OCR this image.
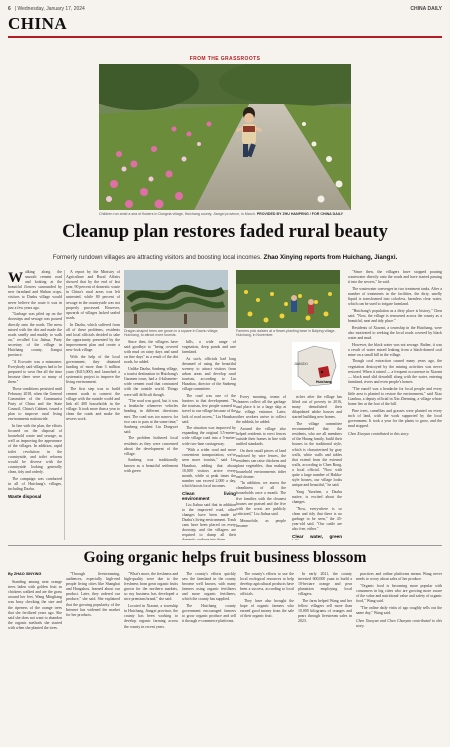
6 | Wednesday, January 17, 2024	CHINA DAILY
CHINA
FROM THE GRASSROOTS
Children run amid a sea of flowers in Dongxia village, Huichang county, Jiangxi province, in March. PROVIDED BY ZHU HANPENG / FOR CHINA DAILY
Cleanup plan restores faded rural beauty
Formerly rundown villages are attracting visitors and boosting local incomes. Zhao Xinying reports from Huichang, Jiangxi.
W alking along the smooth cement road and looking at the beautiful flowers surrounded by new farmland and Shiban crops, visitors to Dazhu village would never believe the route it was in just a few years ago.

"Garbage was piled up on the doorsteps and sewage was poured directly onto the roads. The mess mixed with the dirt and made the roads smelly and muddy to walk on," recalled Liu Jiahua, Party secretary of the village in Huichang county, Jiangxi province.

"A Ecovativ was a misnomer. Everybody said villagers had to be prepared to wear flea all the time because there were so many of them."

Those conditions persisted until February 2018, when the General Committee of the Communist Party of China and the State Council, China's Cabinet, issued a plan to improve rural living environments nationwide.

In line with the plan, the efforts focused on the disposal of household waste and sewage, as well as improving the appearance of the villages. In addition, rapid toilet revolution in the countryside, and toilet reforms would be diverse with the countryside looking generally clean, tidy and orderly.

The campaign was conducted in all of Huichang's villages, including Dazhu.

Waste disposal

A report by the Ministry of Agriculture and Rural Affairs showed that by the end of last year, 90 percent of domestic waste in China's rural areas was left untreated, while 80 percent of sewage in the countryside was not properly processed. However, upwards of villages lacked sealed roads.

In Dazhu, which suffered from all of these problems, residents and local officials decided to take the opportunity presented by the improvement plan and create a new-look village.

With the help of the local government, they obtained funding of more than 3 million yuan ($415,000) and launched a systematic project to improve the living environment.

The first step was to build cement roads to connect the village with the outside world and link all 400 households in the village. It took more than a year to clean the roads and make the sewers work.

Dragon-shaped trees are grown in a square in Dazhu village, Huichang, to attract more tourists.

Since then, the villagers have said goodbye to "being covered with mud on rainy days and sand on fine days" as a result of the dirt roads, he added.

Unlike Dazhu, Sanbeng village, a tourist destination in Huichang's Gaomen town, had a 4-kilometer-wide cement road that contrasted with the outside world. Things were still difficult though.

"The road was good, but it was a headache whenever vehicles heading in different directions met. The road was too narrow for two cars to pass at the same time," Sanbeng resident Liu Dongwei said.

The problem bothered local residents as they were concerned about the development of the village.

Sanbeng was traditionally known as a beautiful settlement with green

hills, a wide range of vegetation, deep ponds and rare farmland.

As such, officials had long dreamed of using the beautiful scenery to attract visitors from urban areas and develop rural tourism, according to Liu Huazhao, director of the Sanbeng village committee.

The road was one of the barriers to that development. "In the tourism, few people wanted to travel to our village because of the lack of road access," Liu Huazhao said.

The situation was improved by expanding the original 3.5-meter-wide village road into a 5-meter-wide two-lane carriageway.

"With a wider road and more convenient transportation, we've seen more tourists," said Liu Huazhao, adding that about 10,000 visitors arrive every month, while at peak times the number can exceed 2,000 a day, which boosts local incomes.

Clean living environment

Liu Jiahua said that in addition to the improved road, other changes have been made in Dazhu's living environment. Trash cans have been placed on every doorstep, and the villagers are required to dump all their

Farmers pick daisies at a flower-planting base in Baiping village, Huichang, in November.
JIANGXI
Huichang

Every morning, teams of cleaners collect all the garbage and place it in a large skip at the village entrance. Later, other workers arrive to collect the rubbish, he added.

Around the village also helped residents to erect fences outside their homes in line with unified standards.

On their small pieces of land enclosed by wire fences, the residents can raise chickens and plant vegetables, thus making household environments tidier and cleaner.

"In addition, we assess the cleanliness of all the households once a month. The five families with the cleanest houses are praised and the five with the worst are publicly criticized," Liu Jiahua said.

Meanwhile, as people became

richer after the village has lifted out of poverty in 2016, many demolished their dilapidated adobe houses and started building new homes.

The village committee recommended that the residents, who are all members of the Huang family, build their houses in the traditional style, which is characterized by gray walls, white walls and tables that extend from the external walls, according to Chen Rong, a local official. "Now with quite a large number of Hakka-style houses, our village looks unique and beautiful," he said.

Yang Yuezhen, a Dazhu native, is excited about the changes.

"Now, everywhere is so clean and tidy that there is no garbage to be seen," the 45-year-old said. "Our cattle are also free, either."

Clear water, green

"Since then, the villagers have stopped pouring wastewater directly onto the roads and have started passing it into the sewers," he said.

The wastewater converges in two treatment tanks. After a number of treatments in the facilities, the dirty, smelly liquid is transformed into colorless, harmless clear water, which can be used to irrigate farmland.

"Huichang's population as a dirty place is history," Chen said. "Now, the village is renowned across the county as a beautiful, neat and tidy place."

Residents of Xiaomi, a township in the Huichang, were also motivated to seeking the local roads covered by black water and mud.

However, the black water was not sewage. Rather, it was a result of water mixed leaking from a black-domed coal mine on a small hill in the village.

Though coal extraction caused many years ago, the vegetation destroyed by the mining activities was never restored. When it rained — a frequent occurrence in Xiaomi — black mud slid downhill along with the water, entering farmland, rivers and even people's homes.

"The runoff was a headache for local people and every little area is planted to restore the environment," said Xiao Lianhua, a deputy official in Xin Zhenning, a village whose home lies at the foot of the hill.

Pine trees, camellias and grasses were planted on every inch of land, with the work supported by the local government. It took a year for the plants to grow, and the mud stopped.

Chen Xiaoyun contributed to this story.

Going organic helps fruit business blossom

By ZHAO XINYING

Standing among neat orange trees laden with golden fruit as chickens walked and ate the grass around her feet, Wang Mingliang was busy checking the size and the ripeness of the orange trees that she fertilized years ago. She said she does not want to abandon the organic methods she started with when she planted the trees.

"Through livestreaming, audiences, especially high-end people living cities like Shanghai and Hangzhou, learned about our product. Later, they ordered our produce," she said. She explained that the growing popularity of the Internet has widened the market for her products.

"What's more, the freshness and high-quality were due to the freshness from great organic fruits grown for the northern markets, so my business has developed a nice premium brand," she said.

Located in Xiaomi, a township in Huichang, Jiangxi province, the county has been working to develop organic farming across the county in recent years.

The county's efforts quickly saw the farmland in the county become well known, with many farmers using organic fertilizers and more organic fertilizers, which the county has supplied.

The Huichang county government encouraged farmers to grow organic produce and sell it through e-commerce platforms.

The county's efforts to use the local ecological resources to help develop agricultural products have been a success, according to local officials.

They have also brought the hope of organic farmers who earned good money from the sale of their organic fruit.

In early 2021, the county invested 600,000 yuan to build a 10-hectare orange and pear plantation employing local villagers.

The farm helped Wang and her fellow villagers sell more than 10,000 kilograms of oranges and pears through livestream sales in 2023.

practices and online platforms means Wang never needs to worry about sales of her produce.

"Organic food is becoming more popular with consumers in big cities who are growing more aware of the value and nutritional value and safety of organic food," Wang said.

"The online daily visits of ago roughly sells out the same day," Wang said.

Chen Xiaoyun and Chen Chunyan contributed to this story.
